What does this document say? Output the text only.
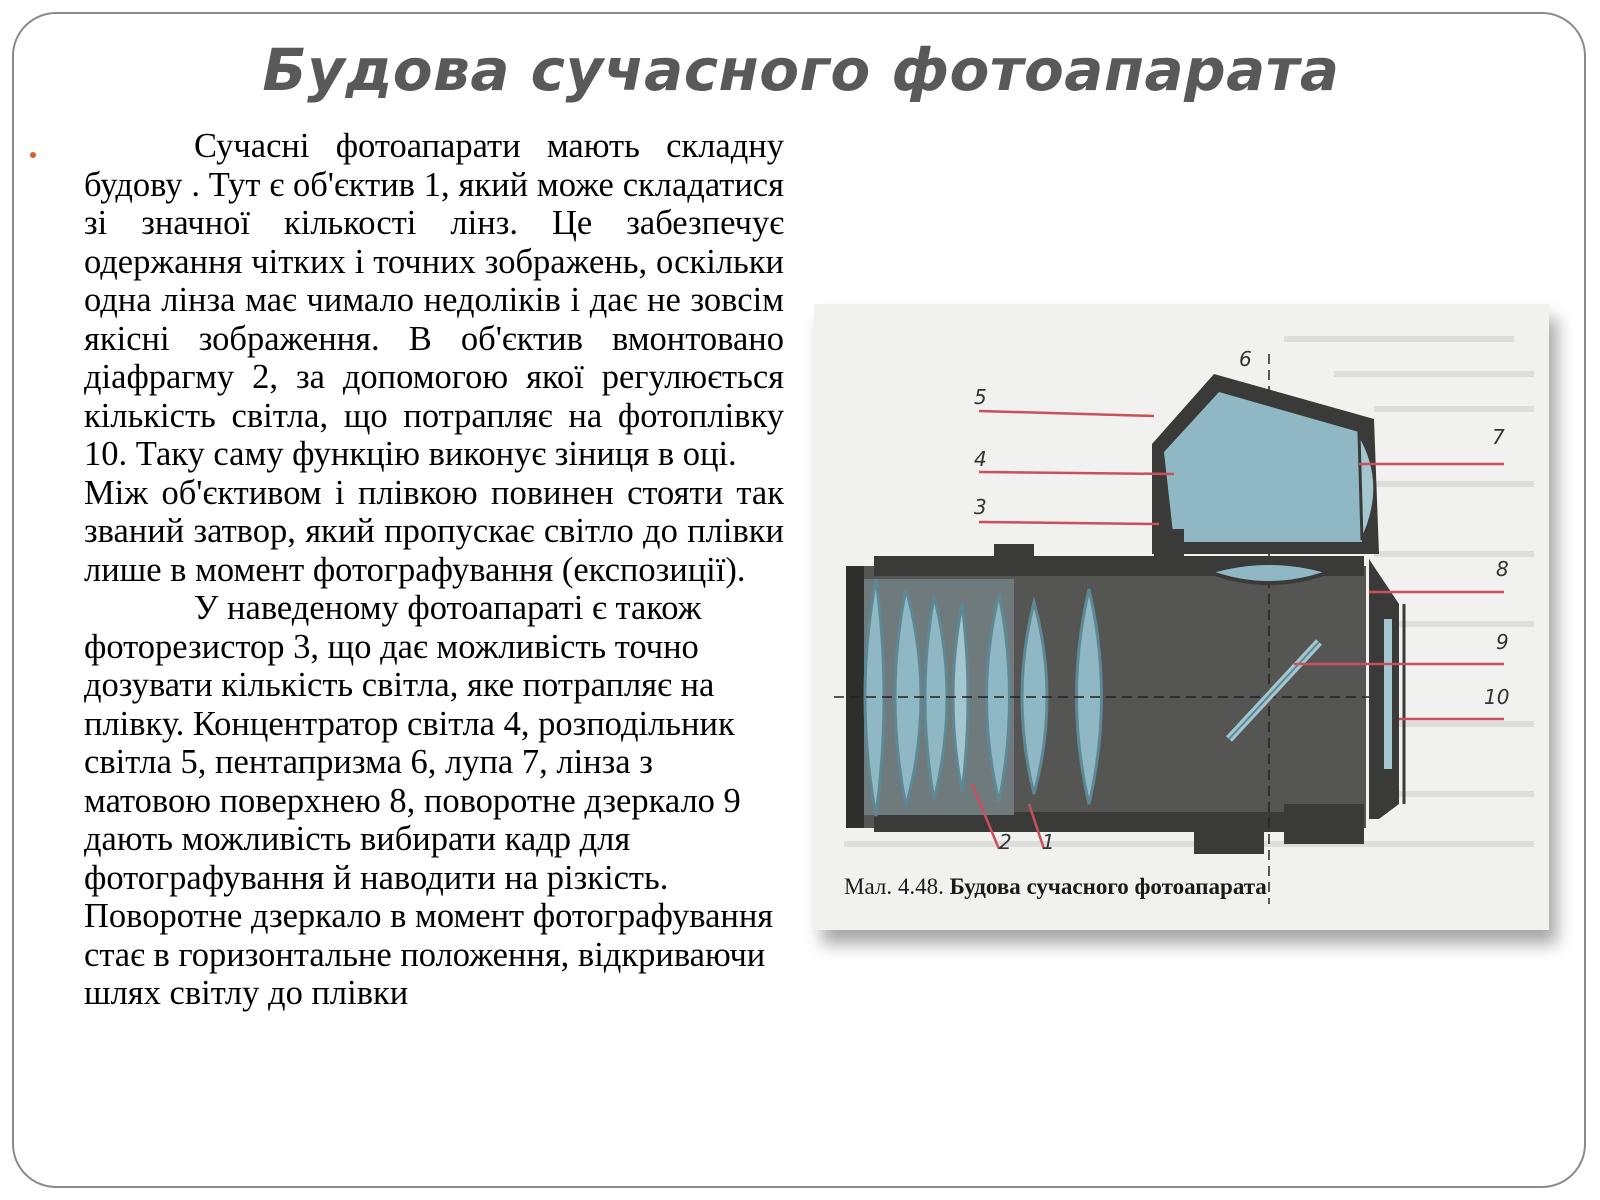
Будова сучасного фотоапарата

Сучасні фотоапарати мають складну будову . Тут є об'єктив 1, який може складатися зі значної кількості лінз. Це забезпечує одержання чітких і точних зображень, оскільки одна лінза має чимало недоліків і дає не зовсім якісні зображення. В об'єктив вмонтовано діафрагму 2, за допомогою якої регулюється кількість світла, що потрапляє на фотоплівку 10. Таку саму функцію виконує зіниця в оці.

Між об'єктивом і плівкою повинен стояти так званий затвор, який пропускає світло до плівки лише в момент фотографування (експозиції).

У наведеному фотоапараті є також фоторезистор 3, що дає можливість точно дозувати кількість світла, яке потрапляє на плівку. Концентратор світла 4, розподільник світла 5, пентапризма 6, лупа 7, лінза з матовою поверхнею 8, поворотне дзеркало 9 дають можливість вибирати кадр для фотографування й наводити на різкість. Поворотне дзеркало в момент фотографування стає в горизонтальне положення, відкриваючи шлях світлу до плівки

6
5
4
3
7
8
9
10
2 1
Мал. 4.48. Будова сучасного фотоапарата
